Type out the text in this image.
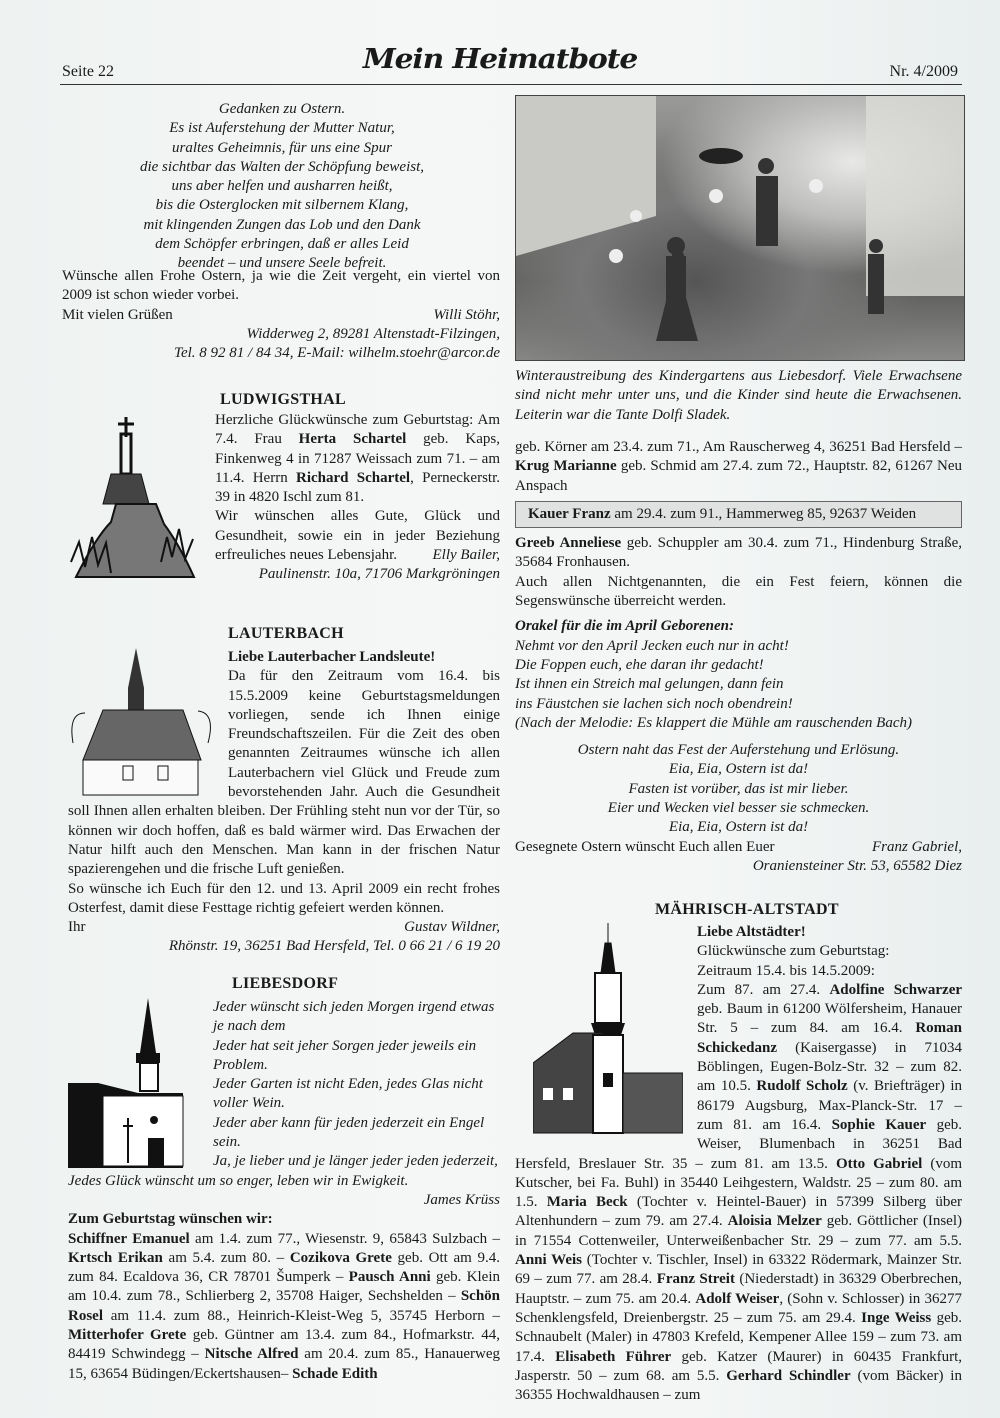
Seite 22	Mein Heimatbote	Nr. 4/2009
Gedanken zu Ostern.
Es ist Auferstehung der Mutter Natur,
uraltes Geheimnis, für uns eine Spur
die sichtbar das Walten der Schöpfung beweist,
uns aber helfen und ausharren heißt,
bis die Osterglocken mit silbernem Klang,
mit klingenden Zungen das Lob und den Dank
dem Schöpfer erbringen, daß er alles Leid
beendet – und unsere Seele befreit.
Wünsche allen Frohe Ostern, ja wie die Zeit vergeht, ein viertel von 2009 ist schon wieder vorbei.
Mit vielen Grüßen	Willi Stöhr,
Widderweg 2, 89281 Altenstadt-Filzingen,
Tel. 8 92 81 / 84 34, E-Mail: wilhelm.stoehr@arcor.de
LUDWIGSTHAL
Herzliche Glückwünsche zum Geburtstag: Am 7.4. Frau Herta Schartel geb. Kaps, Finkenweg 4 in 71287 Weissach zum 71. – am 11.4. Herrn Richard Schartel, Perneckerstr. 39 in 4820 Ischl zum 81.
Wir wünschen alles Gute, Glück und Gesundheit, sowie ein in jeder Beziehung erfreuliches neues Lebensjahr. Elly Bailer,
Paulinenstr. 10a, 71706 Markgröningen
LAUTERBACH
Liebe Lauterbacher Landsleute!
Da für den Zeitraum vom 16.4. bis 15.5.2009 keine Geburtstagsmeldungen vorliegen, sende ich Ihnen einige Freundschaftszeilen. Für die Zeit des oben genannten Zeitraumes wünsche ich allen Lauterbachern viel Glück und Freude zum bevorstehenden Jahr. Auch die Gesundheit soll Ihnen allen erhalten bleiben. Der Frühling steht nun vor der Tür, so können wir doch hoffen, daß es bald wärmer wird. Das Erwachen der Natur hilft auch den Menschen. Man kann in der frischen Natur spazierengehen und die frische Luft genießen.
So wünsche ich Euch für den 12. und 13. April 2009 ein recht frohes Osterfest, damit diese Festtage richtig gefeiert werden können.
Ihr	Gustav Wildner,
Rhönstr. 19, 36251 Bad Hersfeld, Tel. 0 66 21 / 6 19 20
LIEBESDORF
Jeder wünscht sich jeden Morgen irgend etwas je nach dem
Jeder hat seit jeher Sorgen jeder jeweils ein Problem.
Jeder Garten ist nicht Eden, jedes Glas nicht voller Wein.
Jeder aber kann für jeden jederzeit ein Engel sein.
Ja, je lieber und je länger jeder jeden jederzeit,
Jedes Glück wünscht um so enger, leben wir in Ewigkeit.
James Krüss
Zum Geburtstag wünschen wir:
Schiffner Emanuel am 1.4. zum 77., Wiesenstr. 9, 65843 Sulzbach – Krtsch Erikan am 5.4. zum 80. – Cozikova Grete geb. Ott am 9.4. zum 84. Ecaldova 36, CR 78701 Šumperk – Pausch Anni geb. Klein am 10.4. zum 78., Schlierberg 2, 35708 Haiger, Sechshelden – Schön Rosel am 11.4. zum 88., Heinrich-Kleist-Weg 5, 35745 Herborn – Mitterhofer Grete geb. Güntner am 13.4. zum 84., Hofmarkstr. 44, 84419 Schwindegg – Nitsche Alfred am 20.4. zum 85., Hanauerweg 15, 63654 Büdingen/Eckertshausen– Schade Edith
Winteraustreibung des Kindergartens aus Liebesdorf. Viele Erwachsene sind nicht mehr unter uns, und die Kinder sind heute die Erwachsenen. Leiterin war die Tante Dolfi Sladek.
geb. Körner am 23.4. zum 71., Am Rauscherweg 4, 36251 Bad Hersfeld – Krug Marianne geb. Schmid am 27.4. zum 72., Hauptstr. 82, 61267 Neu Anspach
Kauer Franz am 29.4. zum 91., Hammerweg 85, 92637 Weiden
Greeb Anneliese geb. Schuppler am 30.4. zum 71., Hindenburg Straße, 35684 Fronhausen.
Auch allen Nichtgenannten, die ein Fest feiern, können die Segenswünsche überreicht werden.
Orakel für die im April Geborenen:
Nehmt vor den April Jecken euch nur in acht!
Die Foppen euch, ehe daran ihr gedacht!
Ist ihnen ein Streich mal gelungen, dann fein
ins Fäustchen sie lachen sich noch obendrein!
(Nach der Melodie: Es klappert die Mühle am rauschenden Bach)
Ostern naht das Fest der Auferstehung und Erlösung.
Eia, Eia, Ostern ist da!
Fasten ist vorüber, das ist mir lieber.
Eier und Wecken viel besser sie schmecken.
Eia, Eia, Ostern ist da!
Gesegnete Ostern wünscht Euch allen Euer	Franz Gabriel,
Oraniensteiner Str. 53, 65582 Diez
MÄHRISCH-ALTSTADT
Liebe Altstädter!
Glückwünsche zum Geburtstag:
Zeitraum 15.4. bis 14.5.2009:
Zum 87. am 27.4. Adolfine Schwarzer geb. Baum in 61200 Wölfersheim, Hanauer Str. 5 – zum 84. am 16.4. Roman Schickedanz (Kaisergasse) in 71034 Böblingen, Eugen-Bolz-Str. 32 – zum 82. am 10.5. Rudolf Scholz (v. Briefträger) in 86179 Augsburg, Max-Planck-Str. 17 – zum 81. am 16.4. Sophie Kauer geb. Weiser, Blumenbach in 36251 Bad Hersfeld, Breslauer Str. 35 – zum 81. am 13.5. Otto Gabriel (vom Kutscher, bei Fa. Buhl) in 35440 Leihgestern, Waldstr. 25 – zum 80. am 1.5. Maria Beck (Tochter v. Heintel-Bauer) in 57399 Silberg über Altenhundern – zum 79. am 27.4. Aloisia Melzer geb. Göttlicher (Insel) in 71554 Cottenweiler, Unterweißenbacher Str. 29 – zum 77. am 5.5. Anni Weis (Tochter v. Tischler, Insel) in 63322 Rödermark, Mainzer Str. 69 – zum 77. am 28.4. Franz Streit (Niederstadt) in 36329 Oberbrechen, Hauptstr. – zum 75. am 20.4. Adolf Weiser, (Sohn v. Schlosser) in 36277 Schenklengsfeld, Dreienbergstr. 25 – zum 75. am 29.4. Inge Weiss geb. Schnaubelt (Maler) in 47803 Krefeld, Kempener Allee 159 – zum 73. am 17.4. Elisabeth Führer geb. Katzer (Maurer) in 60435 Frankfurt, Jasperstr. 50 – zum 68. am 5.5. Gerhard Schindler (vom Bäcker) in 36355 Hochwaldhausen – zum
